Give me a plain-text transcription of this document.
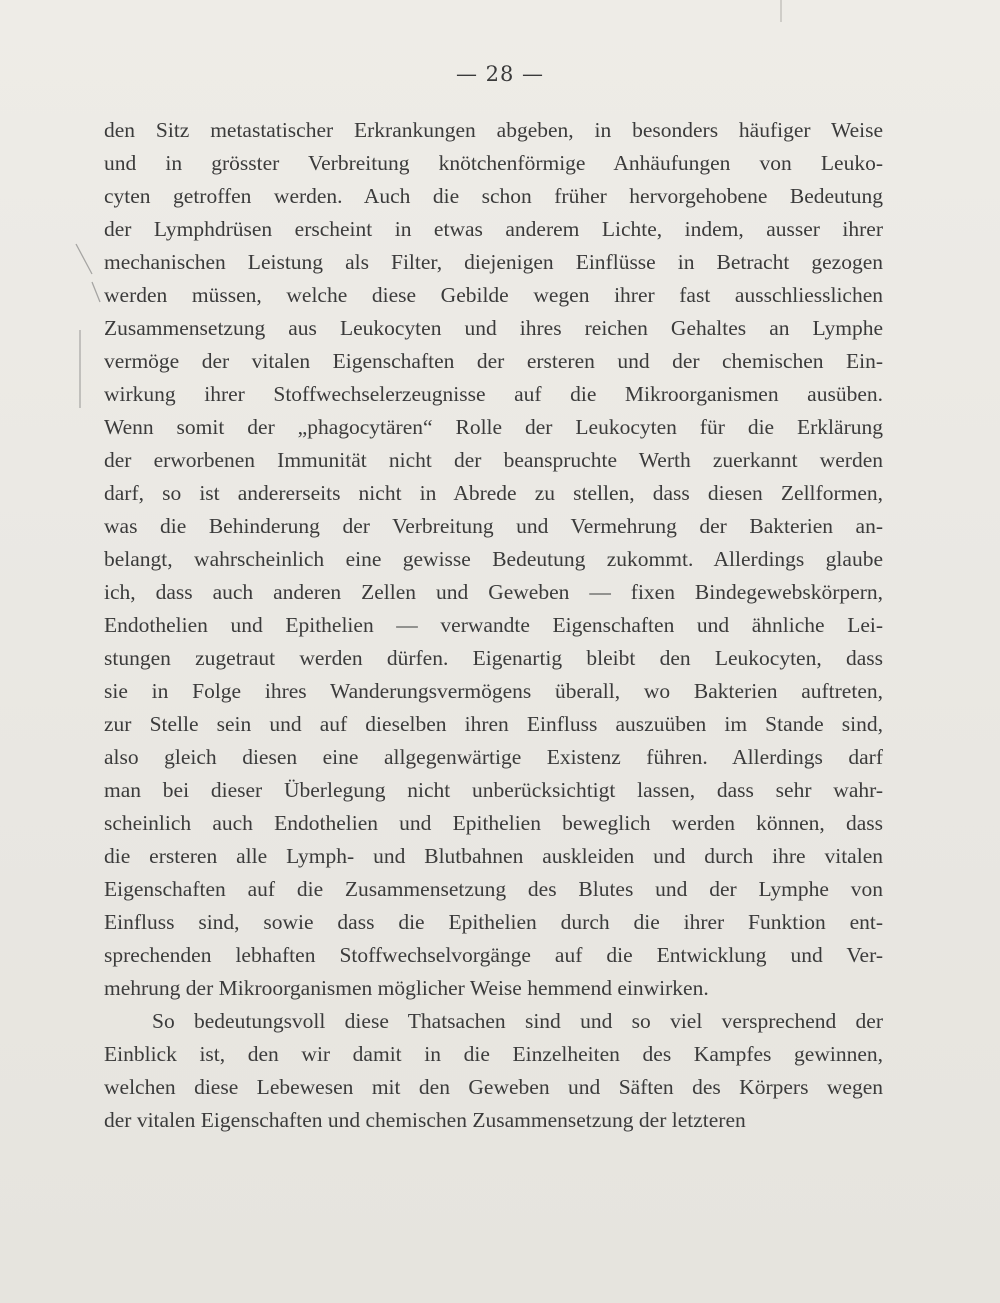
— 28 —
den Sitz metastatischer Erkrankungen abgeben, in besonders häufiger Weise
und in grösster Verbreitung knötchenförmige Anhäufungen von Leuko-
cyten getroffen werden. Auch die schon früher hervorgehobene Bedeutung
der Lymphdrüsen erscheint in etwas anderem Lichte, indem, ausser ihrer
mechanischen Leistung als Filter, diejenigen Einflüsse in Betracht gezogen
werden müssen, welche diese Gebilde wegen ihrer fast ausschliesslichen
Zusammensetzung aus Leukocyten und ihres reichen Gehaltes an Lymphe
vermöge der vitalen Eigenschaften der ersteren und der chemischen Ein-
wirkung ihrer Stoffwechselerzeugnisse auf die Mikroorganismen ausüben.
Wenn somit der „phagocytären“ Rolle der Leukocyten für die Erklärung
der erworbenen Immunität nicht der beanspruchte Werth zuerkannt werden
darf, so ist andererseits nicht in Abrede zu stellen, dass diesen Zellformen,
was die Behinderung der Verbreitung und Vermehrung der Bakterien an-
belangt, wahrscheinlich eine gewisse Bedeutung zukommt. Allerdings glaube
ich, dass auch anderen Zellen und Geweben — fixen Bindegewebskörpern,
Endothelien und Epithelien — verwandte Eigenschaften und ähnliche Lei-
stungen zugetraut werden dürfen. Eigenartig bleibt den Leukocyten, dass
sie in Folge ihres Wanderungsvermögens überall, wo Bakterien auftreten,
zur Stelle sein und auf dieselben ihren Einfluss auszuüben im Stande sind,
also gleich diesen eine allgegenwärtige Existenz führen. Allerdings darf
man bei dieser Überlegung nicht unberücksichtigt lassen, dass sehr wahr-
scheinlich auch Endothelien und Epithelien beweglich werden können, dass
die ersteren alle Lymph- und Blutbahnen auskleiden und durch ihre vitalen
Eigenschaften auf die Zusammensetzung des Blutes und der Lymphe von
Einfluss sind, sowie dass die Epithelien durch die ihrer Funktion ent-
sprechenden lebhaften Stoffwechselvorgänge auf die Entwicklung und Ver-
mehrung der Mikroorganismen möglicher Weise hemmend einwirken.
So bedeutungsvoll diese Thatsachen sind und so viel versprechend der
Einblick ist, den wir damit in die Einzelheiten des Kampfes gewinnen,
welchen diese Lebewesen mit den Geweben und Säften des Körpers wegen
der vitalen Eigenschaften und chemischen Zusammensetzung der letzteren
